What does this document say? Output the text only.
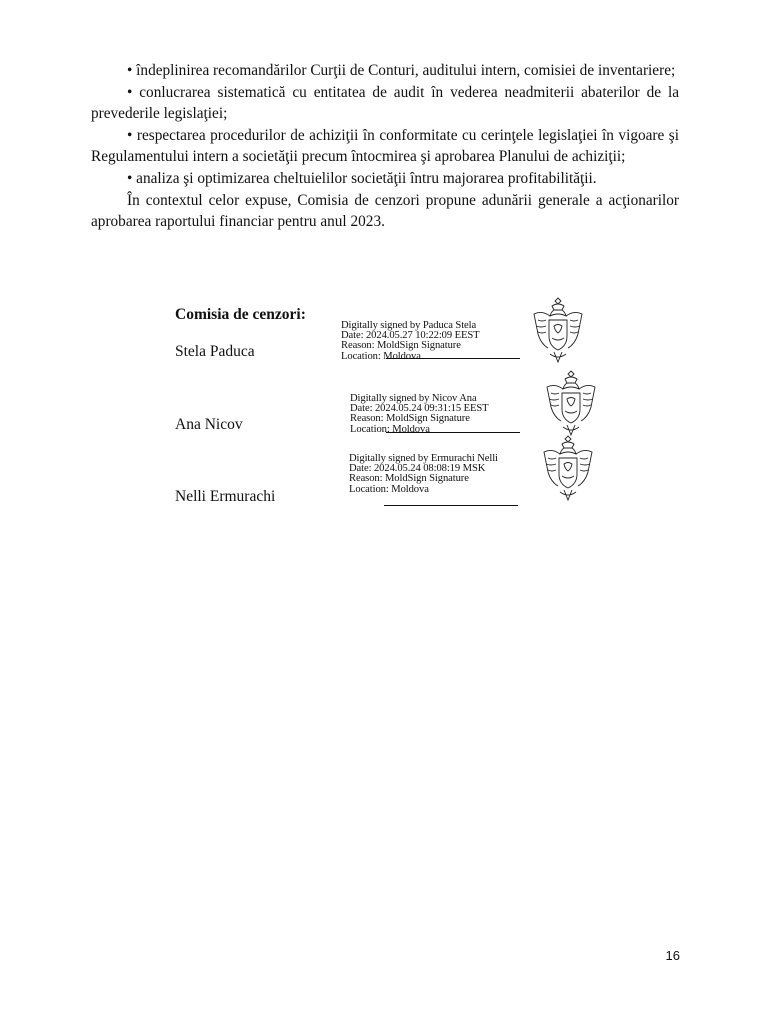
• îndeplinirea recomandărilor Curţii de Conturi, auditului intern, comisiei de inventariere;

• conlucrarea sistematică cu entitatea de audit în vederea neadmiterii abaterilor de la prevederile legislaţiei;

• respectarea procedurilor de achiziţii în conformitate cu cerinţele legislaţiei în vigoare şi Regulamentului intern a societăţii precum întocmirea şi aprobarea Planului de achiziţii;

• analiza şi optimizarea cheltuielilor societăţii întru majorarea profitabilităţii.

În contextul celor expuse, Comisia de cenzori propune adunării generale a acţionarilor aprobarea raportului financiar pentru anul 2023.

Comisia de cenzori:
Stela Paduca
Digitally signed by Paduca Stela
Date: 2024.05.27 10:22:09 EEST
Reason: MoldSign Signature
Location: Moldova
Ana Nicov
Digitally signed by Nicov Ana
Date: 2024.05.24 09:31:15 EEST
Reason: MoldSign Signature
Location: Moldova
Nelli Ermurachi
Digitally signed by Ermurachi Nelli
Date: 2024.05.24 08:08:19 MSK
Reason: MoldSign Signature
Location: Moldova
16
